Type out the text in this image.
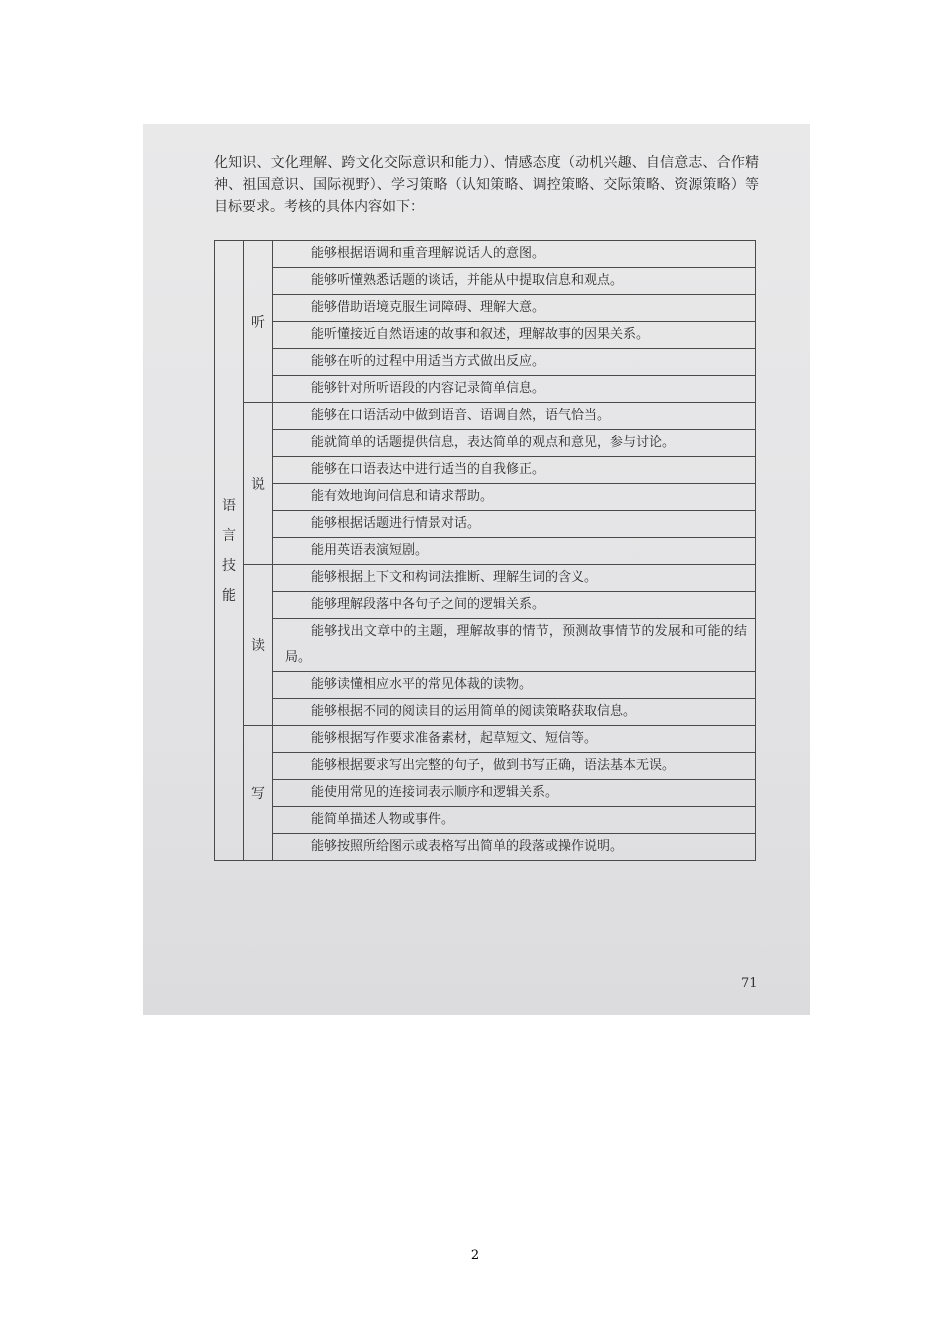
化知识、文化理解、跨文化交际意识和能力）、情感态度（动机兴趣、自信意志、合作精神、祖国意识、国际视野）、学习策略（认知策略、调控策略、交际策略、资源策略）等目标要求。考核的具体内容如下：

语言技能	听	能够根据语调和重音理解说话人的意图。
		能够听懂熟悉话题的谈话，并能从中提取信息和观点。
		能够借助语境克服生词障碍、理解大意。
		能听懂接近自然语速的故事和叙述，理解故事的因果关系。
		能够在听的过程中用适当方式做出反应。
		能够针对所听语段的内容记录简单信息。
	说	能够在口语活动中做到语音、语调自然，语气恰当。
		能就简单的话题提供信息，表达简单的观点和意见，参与讨论。
		能够在口语表达中进行适当的自我修正。
		能有效地询问信息和请求帮助。
		能够根据话题进行情景对话。
		能用英语表演短剧。
	读	能够根据上下文和构词法推断、理解生词的含义。
		能够理解段落中各句子之间的逻辑关系。
		能够找出文章中的主题，理解故事的情节，预测故事情节的发展和可能的结局。
		能够读懂相应水平的常见体裁的读物。
		能够根据不同的阅读目的运用简单的阅读策略获取信息。
	写	能够根据写作要求准备素材，起草短文、短信等。
		能够根据要求写出完整的句子，做到书写正确，语法基本无误。
		能使用常见的连接词表示顺序和逻辑关系。
		能简单描述人物或事件。
		能够按照所给图示或表格写出简单的段落或操作说明。
71
2
